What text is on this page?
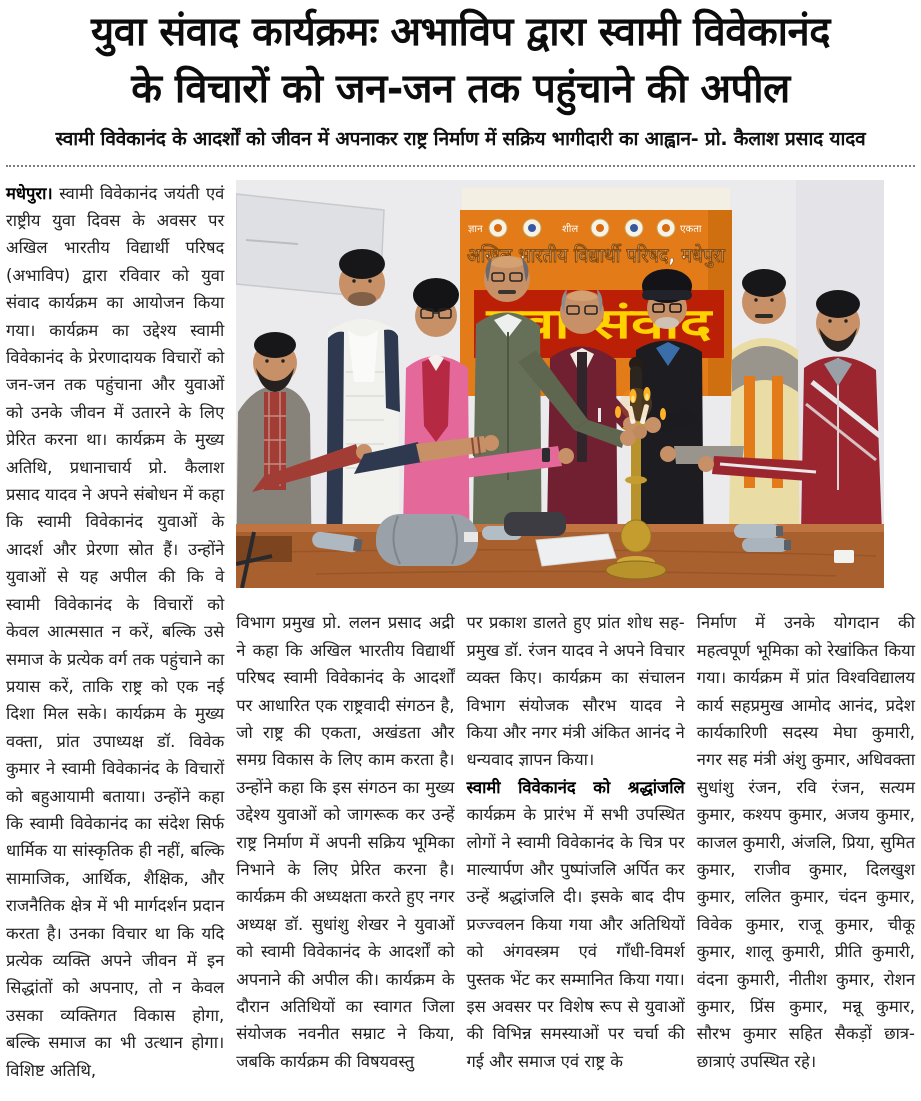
युवा संवाद कार्यक्रमः अभाविप द्वारा स्वामी विवेकानंद
के विचारों को जन-जन तक पहुंचाने की अपील

स्वामी विवेकानंद के आदर्शों को जीवन में अपनाकर राष्ट्र निर्माण में सक्रिय भागीदारी का आह्वान- प्रो. कैलाश प्रसाद यादव

मधेपुरा। स्वामी विवेकानंद जयंती एवं राष्ट्रीय युवा दिवस के अवसर पर अखिल भारतीय विद्यार्थी परिषद (अभाविप) द्वारा रविवार को युवा संवाद कार्यक्रम का आयोजन किया गया। कार्यक्रम का उद्देश्य स्वामी विवेकानंद के प्रेरणादायक विचारों को जन-जन तक पहुंचाना और युवाओं को उनके जीवन में उतारने के लिए प्रेरित करना था। कार्यक्रम के मुख्य अतिथि, प्रधानाचार्य प्रो. कैलाश प्रसाद यादव ने अपने संबोधन में कहा कि स्वामी विवेकानंद युवाओं के आदर्श और प्रेरणा स्रोत हैं। उन्होंने युवाओं से यह अपील की कि वे स्वामी विवेकानंद के विचारों को केवल आत्मसात न करें, बल्कि उसे समाज के प्रत्येक वर्ग तक पहुंचाने का प्रयास करें, ताकि राष्ट्र को एक नई दिशा मिल सके। कार्यक्रम के मुख्य वक्ता, प्रांत उपाध्यक्ष डॉ. विवेक कुमार ने स्वामी विवेकानंद के विचारों को बहुआयामी बताया। उन्होंने कहा कि स्वामी विवेकानंद का संदेश सिर्फ धार्मिक या सांस्कृतिक ही नहीं, बल्कि सामाजिक, आर्थिक, शैक्षिक, और राजनैतिक क्षेत्र में भी मार्गदर्शन प्रदान करता है। उनका विचार था कि यदि प्रत्येक व्यक्ति अपने जीवन में इन सिद्धांतों को अपनाए, तो न केवल उसका व्यक्तिगत विकास होगा, बल्कि समाज का भी उत्थान होगा। विशिष्ट अतिथि,

ज्ञान	शील	एकता
अखिल भारतीय विद्यार्थी परिषद, मधेपुरा

विभाग प्रमुख प्रो. ललन प्रसाद अद्री ने कहा कि अखिल भारतीय विद्यार्थी परिषद स्वामी विवेकानंद के आदर्शों पर आधारित एक राष्ट्रवादी संगठन है, जो राष्ट्र की एकता, अखंडता और समग्र विकास के लिए काम करता है। उन्होंने कहा कि इस संगठन का मुख्य उद्देश्य युवाओं को जागरूक कर उन्हें राष्ट्र निर्माण में अपनी सक्रिय भूमिका निभाने के लिए प्रेरित करना है। कार्यक्रम की अध्यक्षता करते हुए नगर अध्यक्ष डॉ. सुधांशु शेखर ने युवाओं को स्वामी विवेकानंद के आदर्शों को अपनाने की अपील की। कार्यक्रम के दौरान अतिथियों का स्वागत जिला संयोजक नवनीत सम्राट ने किया, जबकि कार्यक्रम की विषयवस्तु

पर प्रकाश डालते हुए प्रांत शोध सह-प्रमुख डॉ. रंजन यादव ने अपने विचार व्यक्त किए। कार्यक्रम का संचालन विभाग संयोजक सौरभ यादव ने किया और नगर मंत्री अंकित आनंद ने धन्यवाद ज्ञापन किया।

स्वामी विवेकानंद को श्रद्धांजलि कार्यक्रम के प्रारंभ में सभी उपस्थित लोगों ने स्वामी विवेकानंद के चित्र पर माल्यार्पण और पुष्पांजलि अर्पित कर उन्हें श्रद्धांजलि दी। इसके बाद दीप प्रज्ज्वलन किया गया और अतिथियों को अंगवस्त्रम एवं गाँधी-विमर्श पुस्तक भेंट कर सम्मानित किया गया। इस अवसर पर विशेष रूप से युवाओं की विभिन्न समस्याओं पर चर्चा की गई और समाज एवं राष्ट्र के

निर्माण में उनके योगदान की महत्वपूर्ण भूमिका को रेखांकित किया गया। कार्यक्रम में प्रांत विश्वविद्यालय कार्य सहप्रमुख आमोद आनंद, प्रदेश कार्यकारिणी सदस्य मेघा कुमारी, नगर सह मंत्री अंशु कुमार, अधिवक्ता सुधांशु रंजन, रवि रंजन, सत्यम कुमार, कश्यप कुमार, अजय कुमार, काजल कुमारी, अंजलि, प्रिया, सुमित कुमार, राजीव कुमार, दिलखुश कुमार, ललित कुमार, चंदन कुमार, विवेक कुमार, राजू कुमार, चीकू कुमार, शालू कुमारी, प्रीति कुमारी, वंदना कुमारी, नीतीश कुमार, रोशन कुमार, प्रिंस कुमार, मन्नू कुमार, सौरभ कुमार सहित सैकड़ों छात्र-छात्राएं उपस्थित रहे।
